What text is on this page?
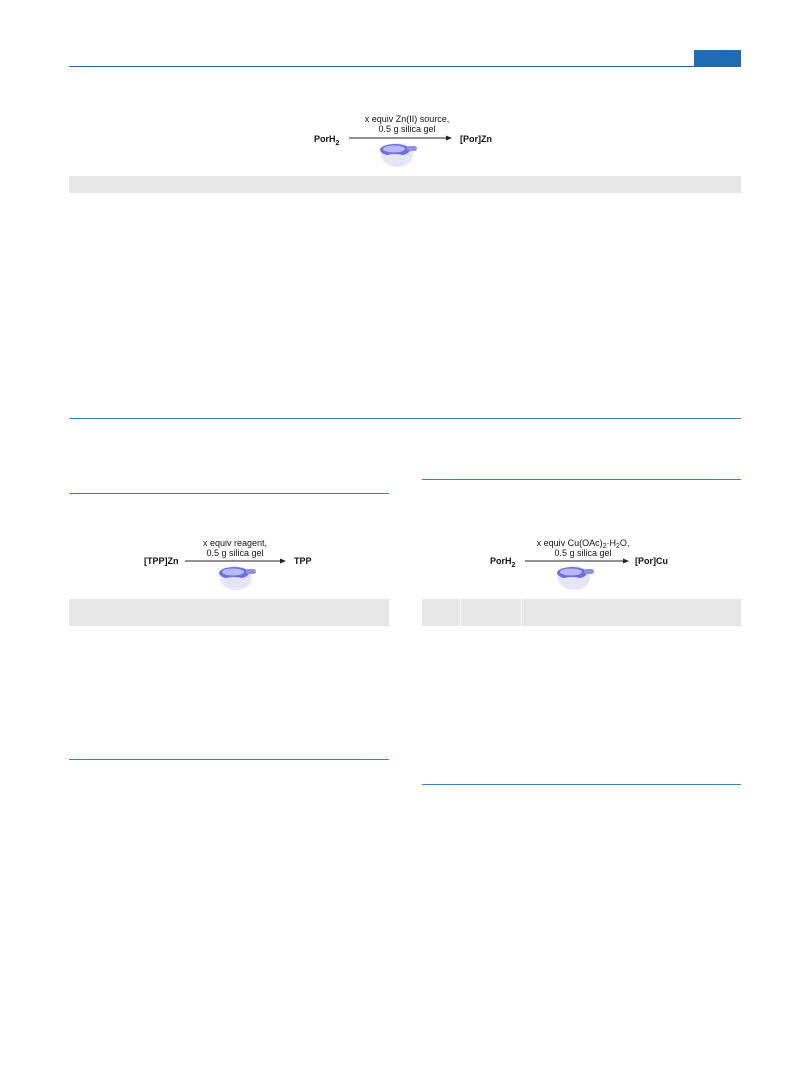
PorH$_2$
x equiv Zn(II) source,
0.5 g silica gel
[Por]Zn
[TPP]Zn
x equiv reagent,
0.5 g silica gel
TPP	PorH$_2$
x equiv $Cu(OAc)_2\cdot H_2O$,
0.5 g silica gel
[Por]Cu
